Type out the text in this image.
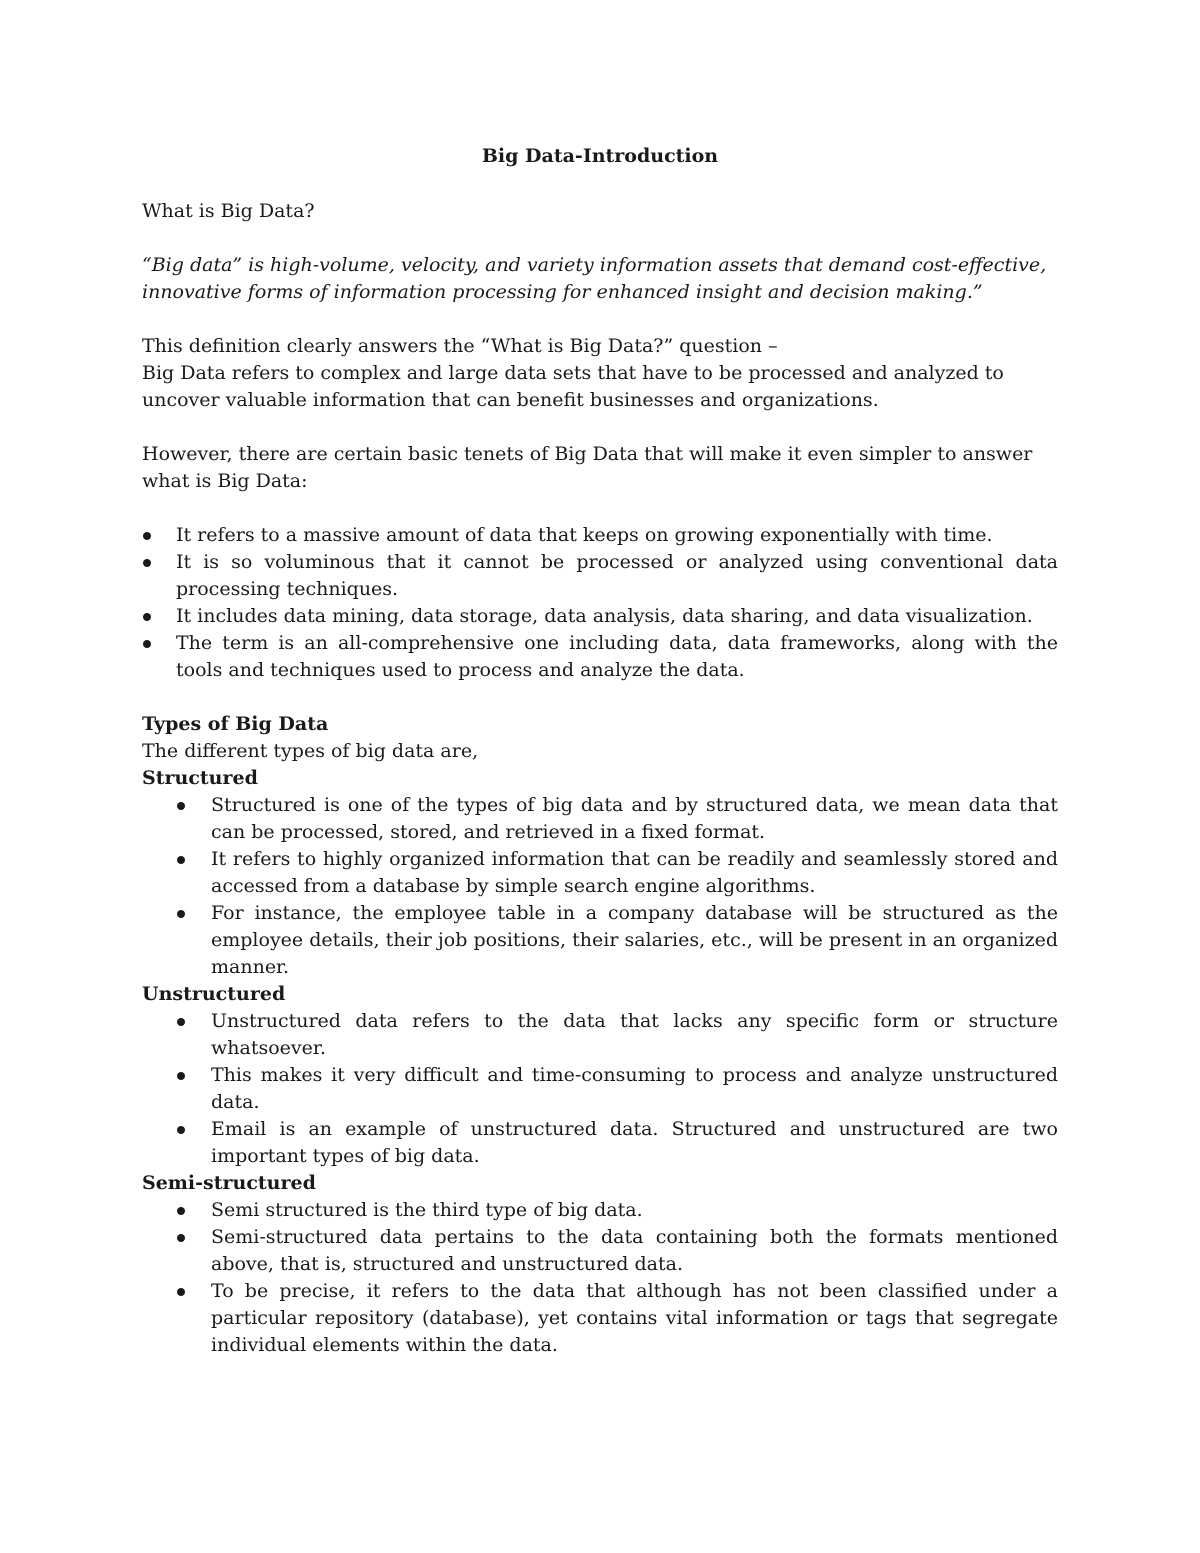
Big Data-Introduction

What is Big Data?

“Big data” is high-volume, velocity, and variety information assets that demand cost-effective, innovative forms of information processing for enhanced insight and decision making.”

This definition clearly answers the “What is Big Data?” question –

Big Data refers to complex and large data sets that have to be processed and analyzed to uncover valuable information that can benefit businesses and organizations.

However, there are certain basic tenets of Big Data that will make it even simpler to answer what is Big Data:

It refers to a massive amount of data that keeps on growing exponentially with time.
It is so voluminous that it cannot be processed or analyzed using conventional data processing techniques.
It includes data mining, data storage, data analysis, data sharing, and data visualization.
The term is an all-comprehensive one including data, data frameworks, along with the tools and techniques used to process and analyze the data.

Types of Big Data

The different types of big data are,

Structured

Structured is one of the types of big data and by structured data, we mean data that can be processed, stored, and retrieved in a fixed format.
It refers to highly organized information that can be readily and seamlessly stored and accessed from a database by simple search engine algorithms.
For instance, the employee table in a company database will be structured as the employee details, their job positions, their salaries, etc., will be present in an organized manner.

Unstructured

Unstructured data refers to the data that lacks any specific form or structure whatsoever.
This makes it very difficult and time-consuming to process and analyze unstructured data.
Email is an example of unstructured data. Structured and unstructured are two important types of big data.

Semi-structured

Semi structured is the third type of big data.
Semi-structured data pertains to the data containing both the formats mentioned above, that is, structured and unstructured data.
To be precise, it refers to the data that although has not been classified under a particular repository (database), yet contains vital information or tags that segregate individual elements within the data.
